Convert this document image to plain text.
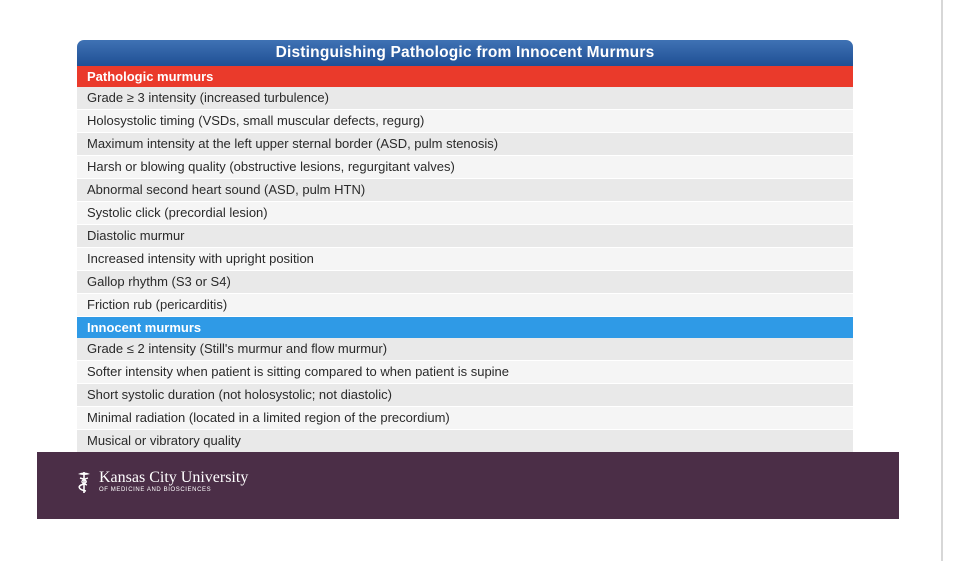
Distinguishing Pathologic from Innocent Murmurs
Pathologic murmurs
Grade ≥ 3 intensity (increased turbulence)
Holosystolic timing (VSDs, small muscular defects, regurg)
Maximum intensity at the left upper sternal border (ASD, pulm stenosis)
Harsh or blowing quality (obstructive lesions, regurgitant valves)
Abnormal second heart sound (ASD, pulm HTN)
Systolic click (precordial lesion)
Diastolic murmur
Increased intensity with upright position
Gallop rhythm (S3 or S4)
Friction rub (pericarditis)
Innocent murmurs
Grade ≤ 2 intensity (Still's murmur and flow murmur)
Softer intensity when patient is sitting compared to when patient is supine
Short systolic duration (not holosystolic; not diastolic)
Minimal radiation (located in a limited region of the precordium)
Musical or vibratory quality
Kansas City University
OF MEDICINE AND BIOSCIENCES
